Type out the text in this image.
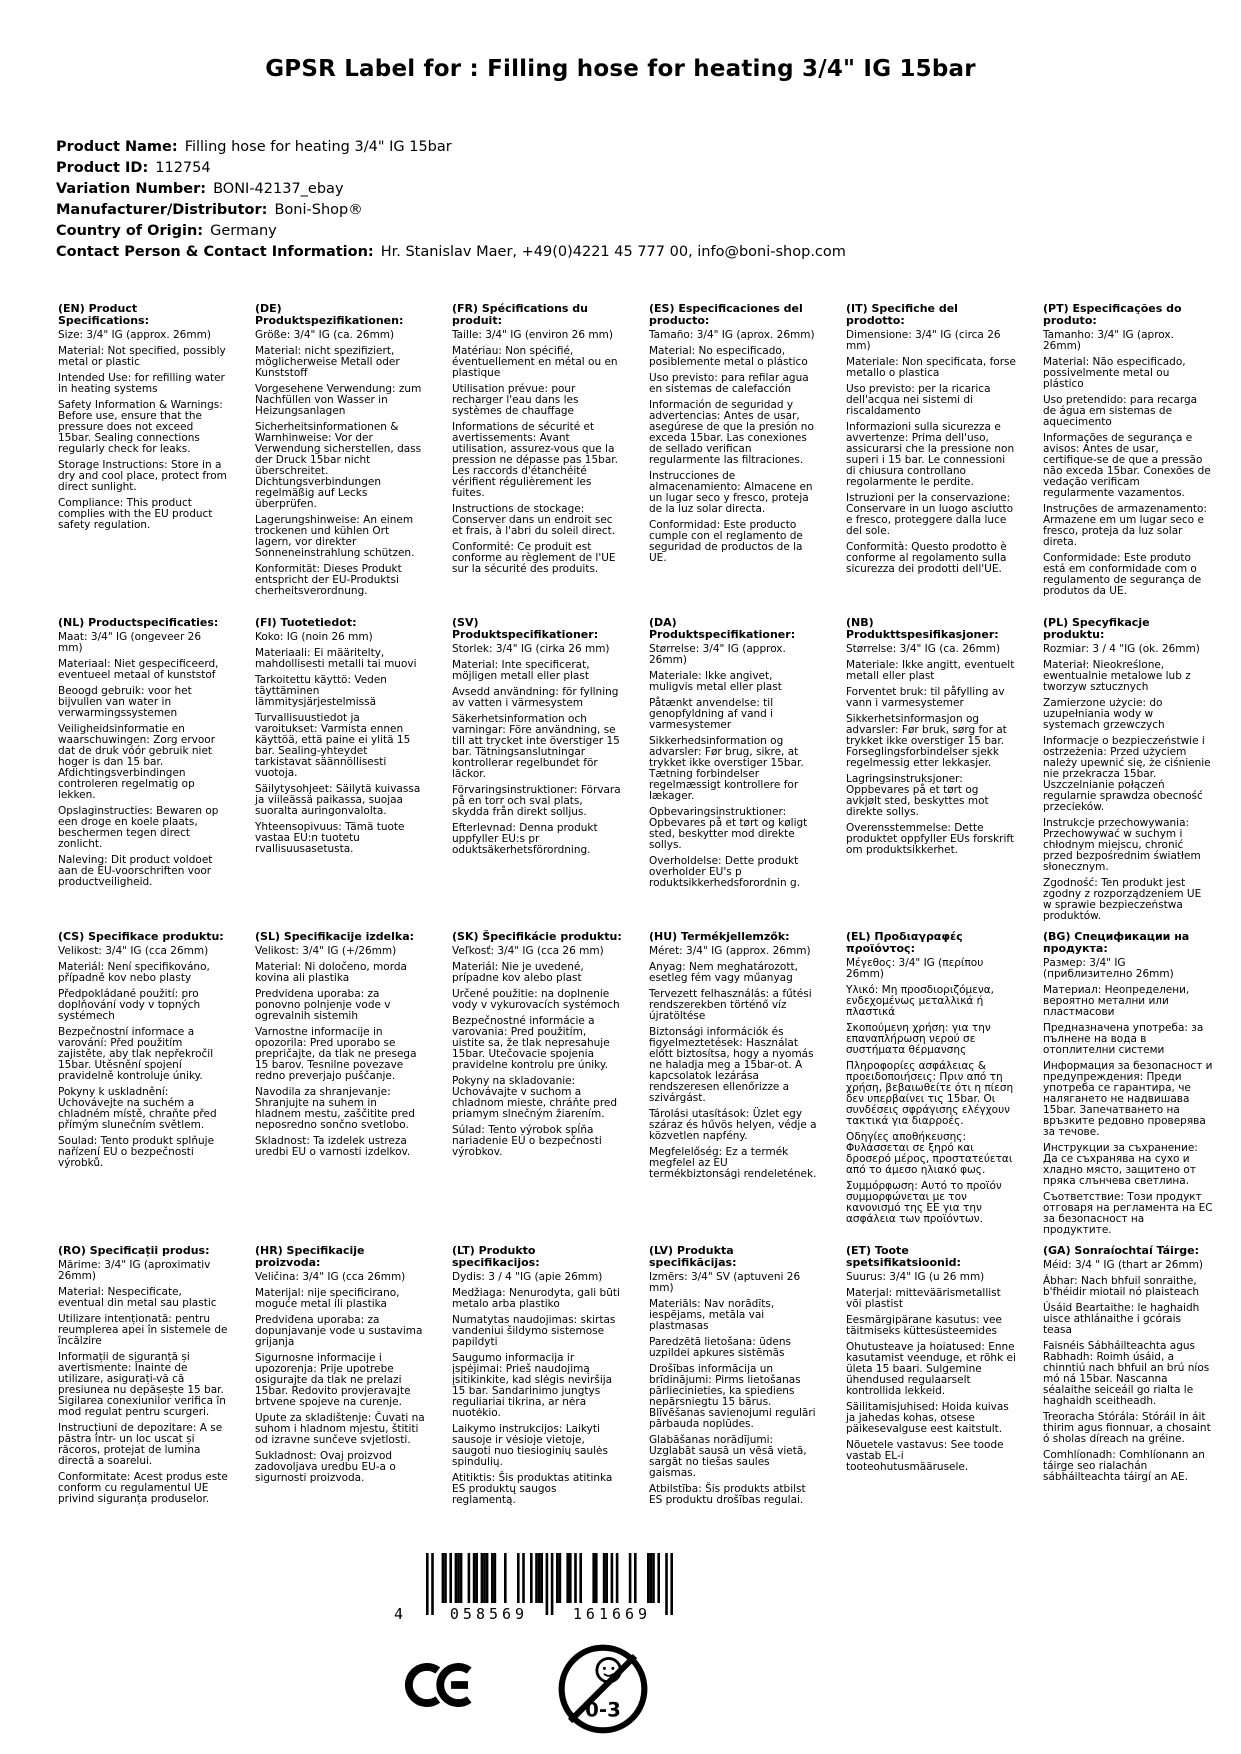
GPSR Label for : Filling hose for heating 3/4" IG 15bar
Product Name: Filling hose for heating 3/4" IG 15bar
Product ID: 112754
Variation Number: BONI-42137_ebay
Manufacturer/Distributor: Boni-Shop®
Country of Origin: Germany
Contact Person & Contact Information: Hr. Stanislav Maer, +49(0)4221 45 777 00, info@boni-shop.com
(EN) Product Specifications:

Size: 3/4" IG (approx. 26mm)

Material: Not specified, possibly metal or plastic

Intended Use: for refilling water in heating systems

Safety Information & Warnings: Before use, ensure that the pressure does not exceed 15bar. Sealing connections regularly check for leaks.

Storage Instructions: Store in a dry and cool place, protect from direct sunlight.

Compliance: This product complies with the EU product safety regulation.

(DE) Produktspezifikationen:

Größe: 3/4" IG (ca. 26mm)

Material: nicht spezifiziert, möglicherweise Metall oder Kunststoff

Vorgesehene Verwendung: zum Nachfüllen von Wasser in Heizungsanlagen

Sicherheitsinformationen & Warnhinweise: Vor der Verwendung sicherstellen, dass der Druck 15bar nicht überschreitet. Dichtungsverbindungen regelmäßig auf Lecks überprüfen.

Lagerungshinweise: An einem trockenen und kühlen Ort lagern, vor direkter Sonneneinstrahlung schützen.

Konformität: Dieses Produkt entspricht der EU-Produktsi cherheitsverordnung.

(FR) Spécifications du produit:

Taille: 3/4" IG (environ 26 mm)

Matériau: Non spécifié, éventuellement en métal ou en plastique

Utilisation prévue: pour recharger l'eau dans les systèmes de chauffage

Informations de sécurité et avertissements: Avant utilisation, assurez-vous que la pression ne dépasse pas 15bar. Les raccords d'étanchéité vérifient régulièrement les fuites.

Instructions de stockage: Conserver dans un endroit sec et frais, à l'abri du soleil direct.

Conformité: Ce produit est conforme au règlement de l'UE sur la sécurité des produits.

(ES) Especificaciones del producto:

Tamaño: 3/4" IG (aprox. 26mm)

Material: No especificado, posiblemente metal o plástico

Uso previsto: para refilar agua en sistemas de calefacción

Información de seguridad y advertencias: Antes de usar, asegúrese de que la presión no exceda 15bar. Las conexiones de sellado verifican regularmente las filtraciones.

Instrucciones de almacenamiento: Almacene en un lugar seco y fresco, proteja de la luz solar directa.

Conformidad: Este producto cumple con el reglamento de seguridad de productos de la UE.

(IT) Specifiche del prodotto:

Dimensione: 3/4" IG (circa 26 mm)

Materiale: Non specificata, forse metallo o plastica

Uso previsto: per la ricarica dell'acqua nei sistemi di riscaldamento

Informazioni sulla sicurezza e avvertenze: Prima dell'uso, assicurarsi che la pressione non superi i 15 bar. Le connessioni di chiusura controllano regolarmente le perdite.

Istruzioni per la conservazione: Conservare in un luogo asciutto e fresco, proteggere dalla luce del sole.

Conformità: Questo prodotto è conforme al regolamento sulla sicurezza dei prodotti dell'UE.

(PT) Especificações do produto:

Tamanho: 3/4" IG (aprox. 26mm)

Material: Não especificado, possivelmente metal ou plástico

Uso pretendido: para recarga de água em sistemas de aquecimento

Informações de segurança e avisos: Antes de usar, certifique-se de que a pressão não exceda 15bar. Conexões de vedação verificam regularmente vazamentos.

Instruções de armazenamento: Armazene em um lugar seco e fresco, proteja da luz solar direta.

Conformidade: Este produto está em conformidade com o regulamento de segurança de produtos da UE.

(NL) Productspecificaties:

Maat: 3/4" IG (ongeveer 26 mm)

Materiaal: Niet gespecificeerd, eventueel metaal of kunststof

Beoogd gebruik: voor het bijvullen van water in verwarmingssystemen

Veiligheidsinformatie en waarschuwingen: Zorg ervoor dat de druk vóór gebruik niet hoger is dan 15 bar. Afdichtingsverbindingen controleren regelmatig op lekken.

Opslaginstructies: Bewaren op een droge en koele plaats, beschermen tegen direct zonlicht.

Naleving: Dit product voldoet aan de EU-voorschriften voor productveiligheid.

(FI) Tuotetiedot:

Koko: IG (noin 26 mm)

Materiaali: Ei määritelty, mahdollisesti metalli tai muovi

Tarkoitettu käyttö: Veden täyttäminen lämmitysjärjestelmissä

Turvallisuustiedot ja varoitukset: Varmista ennen käyttöä, että paine ei ylitä 15 bar. Sealing-yhteydet tarkistavat säännöllisesti vuotoja.

Säilytysohjeet: Säilytä kuivassa ja viileässä paikassa, suojaa suoralta auringonvalolta.

Yhteensopivuus: Tämä tuote vastaa EU:n tuotetu rvallisuusasetusta.

(SV) Produktspecifikationer:

Storlek: 3/4" IG (cirka 26 mm)

Material: Inte specificerat, möjligen metall eller plast

Avsedd användning: för fyllning av vatten i värmesystem

Säkerhetsinformation och varningar: Före användning, se till att trycket inte överstiger 15 bar. Tätningsanslutningar kontrollerar regelbundet för läckor.

Förvaringsinstruktioner: Förvara på en torr och sval plats, skydda från direkt solljus.

Efterlevnad: Denna produkt uppfyller EU:s pr oduktsäkerhetsförordning.

(DA) Produktspecifikationer:

Størrelse: 3/4" IG (approx. 26mm)

Materiale: Ikke angivet, muligvis metal eller plast

Påtænkt anvendelse: til genopfyldning af vand i varmesystemer

Sikkerhedsinformation og advarsler: Før brug, sikre, at trykket ikke overstiger 15bar. Tætning forbindelser regelmæssigt kontrollere for lækager.

Opbevaringsinstruktioner: Opbevares på et tørt og køligt sted, beskytter mod direkte sollys.

Overholdelse: Dette produkt overholder EU's p roduktsikkerhedsforordnin g.

(NB) Produkttspesifikasjoner:

Størrelse: 3/4" IG (ca. 26mm)

Materiale: Ikke angitt, eventuelt metall eller plast

Forventet bruk: til påfylling av vann i varmesystemer

Sikkerhetsinformasjon og advarsler: Før bruk, sørg for at trykket ikke overstiger 15 bar. Forseglingsforbindelser sjekk regelmessig etter lekkasjer.

Lagringsinstruksjoner: Oppbevares på et tørt og avkjølt sted, beskyttes mot direkte sollys.

Overensstemmelse: Dette produktet oppfyller EUs forskrift om produktsikkerhet.

(PL) Specyfikacje produktu:

Rozmiar: 3 / 4 "IG (ok. 26mm)

Materiał: Nieokreślone, ewentualnie metalowe lub z tworzyw sztucznych

Zamierzone użycie: do uzupełniania wody w systemach grzewczych

Informacje o bezpieczeństwie i ostrzeżenia: Przed użyciem należy upewnić się, że ciśnienie nie przekracza 15bar. Uszczelnianie połączeń regularnie sprawdza obecność przecieków.

Instrukcje przechowywania: Przechowywać w suchym i chłodnym miejscu, chronić przed bezpośrednim światłem słonecznym.

Zgodność: Ten produkt jest zgodny z rozporządzeniem UE w sprawie bezpieczeństwa produktów.

(CS) Specifikace produktu:

Velikost: 3/4" IG (cca 26mm)

Materiál: Není specifikováno, případně kov nebo plasty

Předpokládané použití: pro doplňování vody v topných systémech

Bezpečnostní informace a varování: Před použitím zajistěte, aby tlak nepřekročil 15bar. Utěsnění spojení pravidelně kontroluje úniky.

Pokyny k uskladnění: Uchovávejte na suchém a chladném místě, chraňte před přímým slunečním světlem.

Soulad: Tento produkt splňuje nařízení EU o bezpečnosti výrobků.

(SL) Specifikacije izdelka:

Velikost: 3/4" IG (+/26mm)

Material: Ni določeno, morda kovina ali plastika

Predvidena uporaba: za ponovno polnjenje vode v ogrevalnih sistemih

Varnostne informacije in opozorila: Pred uporabo se prepričajte, da tlak ne presega 15 barov. Tesnilne povezave redno preverjajo puščanje.

Navodila za shranjevanje: Shranjujte na suhem in hladnem mestu, zaščitite pred neposredno sončno svetlobo.

Skladnost: Ta izdelek ustreza uredbi EU o varnosti izdelkov.

(SK) Špecifikácie produktu:

Veľkosť: 3/4" IG (cca 26 mm)

Materiál: Nie je uvedené, prípadne kov alebo plast

Určené použitie: na doplnenie vody v vykurovacích systémoch

Bezpečnostné informácie a varovania: Pred použitím, uistite sa, že tlak nepresahuje 15bar. Utečovacie spojenia pravidelne kontrolu pre úniky.

Pokyny na skladovanie: Uchovávajte v suchom a chladnom mieste, chráňte pred priamym slnečným žiarením.

Súlad: Tento výrobok spĺňa nariadenie EÚ o bezpečnosti výrobkov.

(HU) Termékjellemzők:

Méret: 3/4" IG (approx. 26mm)

Anyag: Nem meghatározott, esetleg fém vagy műanyag

Tervezett felhasználás: a fűtési rendszerekben történő víz újratöltése

Biztonsági információk és figyelmeztetések: Használat előtt biztosítsa, hogy a nyomás ne haladja meg a 15bar-ot. A kapcsolatok lezárása rendszeresen ellenőrizze a szivárgást.

Tárolási utasítások: Üzlet egy száraz és hűvös helyen, védje a közvetlen napfény.

Megfelelőség: Ez a termék megfelel az EU termékbiztonsági rendeletének.

(EL) Προδιαγραφές προϊόντος:

Μέγεθος: 3/4" IG (περίπου 26mm)

Υλικό: Μη προσδιοριζόμενα, ενδεχομένως μεταλλικά ή πλαστικά

Σκοπούμενη χρήση: για την επαναπλήρωση νερού σε συστήματα θέρμανσης

Πληροφορίες ασφάλειας & προειδοποιήσεις: Πριν από τη χρήση, βεβαιωθείτε ότι η πίεση δεν υπερβαίνει τις 15bar. Οι συνδέσεις σφράγισης ελέγχουν τακτικά για διαρροές.

Οδηγίες αποθήκευσης: Φυλάσσεται σε ξηρό και δροσερό μέρος, προστατεύεται από το άμεσο ηλιακό φως.

Συμμόρφωση: Αυτό το προϊόν συμμορφώνεται με τον κανονισμό της ΕΕ για την ασφάλεια των προϊόντων.

(BG) Спецификации на продукта:

Размер: 3/4" IG (приблизително 26mm)

Материал: Неопределени, вероятно метални или пластмасови

Предназначена употреба: за пълнене на вода в отоплителни системи

Информация за безопасност и предупреждения: Преди употреба се гарантира, че налягането не надвишава 15bar. Запечатването на връзките редовно проверява за течове.

Инструкции за съхранение: Да се съхранява на сухо и хладно място, защитено от пряка слънчева светлина.

Съответствие: Този продукт отговаря на регламента на ЕС за безопасност на продуктите.

(RO) Specificații produs:

Mărime: 3/4" IG (aproximativ 26mm)

Material: Nespecificate, eventual din metal sau plastic

Utilizare intenționată: pentru reumplerea apei în sistemele de încălzire

Informații de siguranță și avertismente: Înainte de utilizare, asigurați-vă că presiunea nu depășește 15 bar. Sigilarea conexiunilor verifica în mod regulat pentru scurgeri.

Instrucțiuni de depozitare: A se păstra într- un loc uscat și răcoros, protejat de lumina directă a soarelui.

Conformitate: Acest produs este conform cu regulamentul UE privind siguranța produselor.

(HR) Specifikacije proizvoda:

Veličina: 3/4" IG (cca 26mm)

Materijal: nije specificirano, moguće metal ili plastika

Predviđena uporaba: za dopunjavanje vode u sustavima grijanja

Sigurnosne informacije i upozorenja: Prije upotrebe osigurajte da tlak ne prelazi 15bar. Redovito provjeravajte brtvene spojeve na curenje.

Upute za skladištenje: Čuvati na suhom i hladnom mjestu, štititi od izravne sunčeve svjetlosti.

Sukladnost: Ovaj proizvod zadovoljava uredbu EU-a o sigurnosti proizvoda.

(LT) Produkto specifikacijos:

Dydis: 3 / 4 "IG (apie 26mm)

Medžiaga: Nenurodyta, gali būti metalo arba plastiko

Numatytas naudojimas: skirtas vandeniui šildymo sistemose papildyti

Saugumo informacija ir įspėjimai: Prieš naudojimą įsitikinkite, kad slėgis neviršija 15 bar. Sandarinimo jungtys reguliariai tikrina, ar nėra nuotėkio.

Laikymo instrukcijos: Laikyti sausoje ir vėsioje vietoje, saugoti nuo tiesioginių saulės spindulių.

Atitiktis: Šis produktas atitinka ES produktų saugos reglamentą.

(LV) Produkta specifikācijas:

Izmērs: 3/4" SV (aptuveni 26 mm)

Materiāls: Nav norādīts, iespējams, metāla vai plastmasas

Paredzētā lietošana: ūdens uzpildei apkures sistēmās

Drošības informācija un brīdinājumi: Pirms lietošanas pārliecinieties, ka spiediens nepārsniegtu 15 bārus. Blīvēšanas savienojumi regulāri pārbauda noplūdes.

Glabāšanas norādījumi: Uzglabāt sausā un vēsā vietā, sargāt no tiešas saules gaismas.

Atbilstība: Šis produkts atbilst ES produktu drošības regulai.

(ET) Toote spetsifikatsioonid:

Suurus: 3/4" IG (u 26 mm)

Materjal: mitteväärismetallist või plastist

Eesmärgipärane kasutus: vee täitmiseks küttesüsteemides

Ohutusteave ja hoiatused: Enne kasutamist veenduge, et rõhk ei ületa 15 baari. Sulgemine ühendused regulaarselt kontrollida lekkeid.

Säilitamisjuhised: Hoida kuivas ja jahedas kohas, otsese päikesevalguse eest kaitstult.

Nõuetele vastavus: See toode vastab EL-i tooteohutusmäärusele.

(GA) Sonraíochtaí Táirge:

Méid: 3/4 " IG (thart ar 26mm)

Ábhar: Nach bhfuil sonraithe, b'fhéidir miotail nó plaisteach

Úsáid Beartaithe: le haghaidh uisce athlánaithe i gcórais teasa

Faisnéis Sábháilteachta agus Rabhadh: Roimh úsáid, a chinntiú nach bhfuil an brú níos mó ná 15bar. Nascanna séalaithe seiceáil go rialta le haghaidh sceitheadh.

Treoracha Stórála: Stóráil in áit thirim agus fionnuar, a chosaint ó sholas díreach na gréine.

Comhlíonadh: Comhlíonann an táirge seo rialachán sábháilteachta táirgí an AE.

4	058569	161669
0-3
